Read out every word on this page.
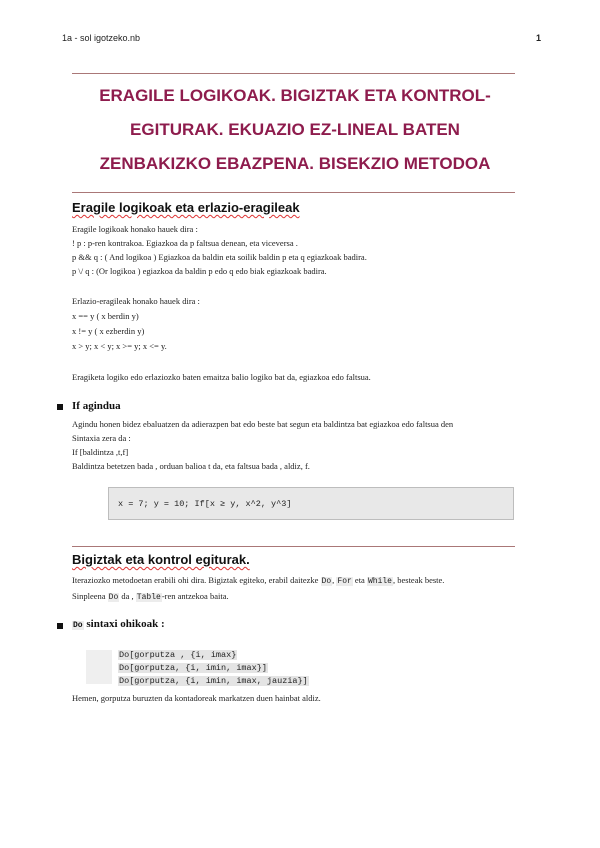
1a - sol igotzeko.nb	1
ERAGILE LOGIKOAK. BIGIZTAK ETA KONTROL-
EGITURAK. EKUAZIO EZ-LINEAL BATEN
ZENBAKIZKO EBAZPENA. BISEKZIO METODOA
Eragile logikoak eta erlazio-eragileak
Eragile logikoak honako hauek dira :
! p : p-ren kontrakoa. Egiazkoa da p faltsua denean, eta viceversa .
p && q : ( And logikoa ) Egiazkoa da baldin eta soilik baldin p eta q egiazkoak badira.
p \/ q : (Or logikoa ) egiazkoa da baldin p edo q edo biak egiazkoak badira.
Erlazio-eragileak honako hauek dira :
x == y ( x berdin y)
x != y ( x ezberdin y)
x > y; x < y; x >= y; x <= y.
Eragiketa logiko edo erlaziozko baten emaitza balio logiko bat da, egiazkoa edo faltsua.
If agindua
Agindu honen bidez ebaluatzen da adierazpen bat edo beste bat segun eta baldintza bat egiazkoa edo faltsua den
Sintaxia zera da :
If [baldintza ,t,f]
Baldintza betetzen bada , orduan balioa t da, eta faltsua bada , aldiz, f.
x = 7; y = 10; If[x ≥ y, x^2, y^3]
Bigiztak eta kontrol egiturak.
Iteraziozko metodoetan erabili ohi dira. Bigiztak egiteko, erabil daitezke Do, For eta While, besteak beste.
Sinpleena Do da , Table-ren antzekoa baita.
Do sintaxi ohikoak :
Do[gorputza , {i, imax}
Do[gorputza, {i, imin, imax}]
Do[gorputza, {i, imin, imax, jauzia}]
Hemen, gorputza buruzten da kontadoreak markatzen duen hainbat aldiz.
